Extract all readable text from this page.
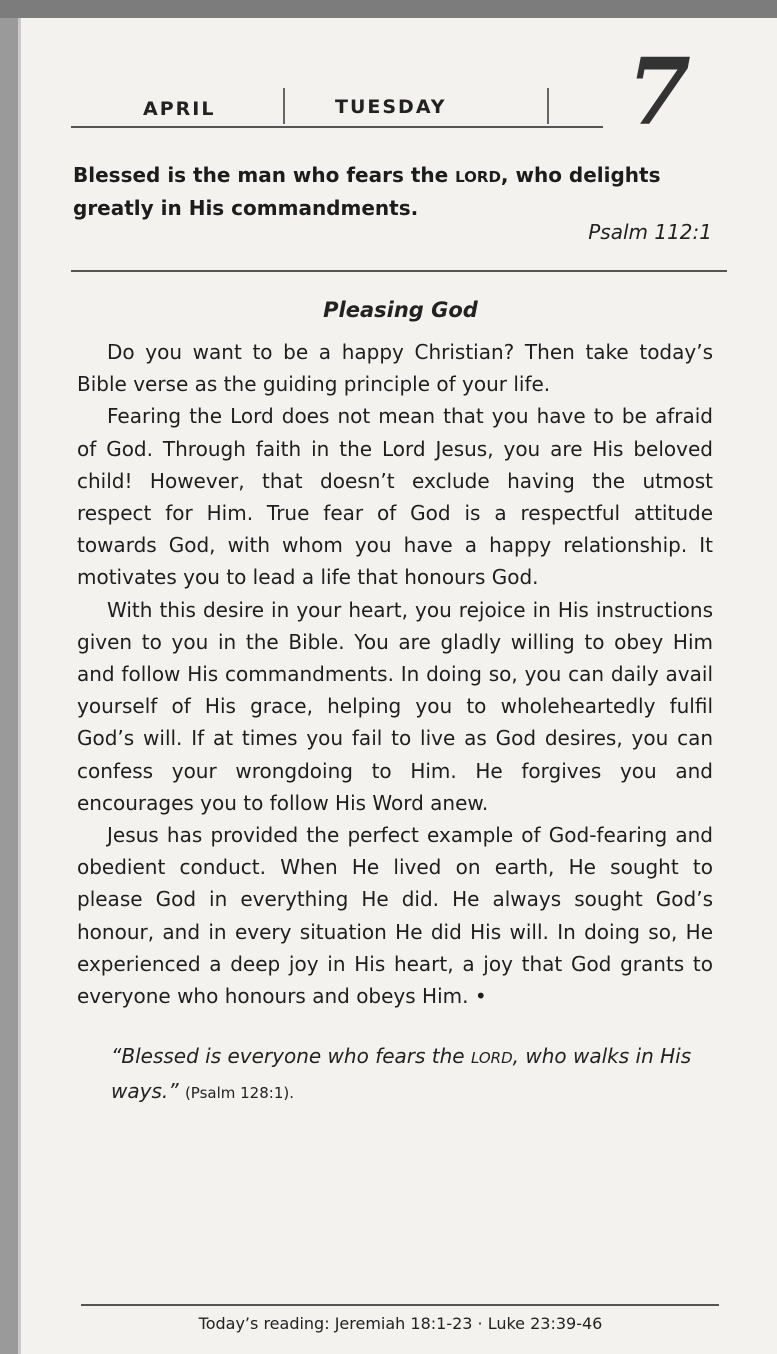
APRIL	TUESDAY 7
Blessed is the man who fears the LORD, who delights greatly in His commandments.
Psalm 112:1
Pleasing God

Do you want to be a happy Christian? Then take today’s Bible verse as the guiding principle of your life.

Fearing the Lord does not mean that you have to be afraid of God. Through faith in the Lord Jesus, you are His beloved child! However, that doesn’t exclude having the utmost respect for Him. True fear of God is a respectful attitude towards God, with whom you have a happy relationship. It motivates you to lead a life that honours God.

With this desire in your heart, you rejoice in His instructions given to you in the Bible. You are gladly willing to obey Him and follow His commandments. In doing so, you can daily avail yourself of His grace, helping you to wholeheartedly fulfil God’s will. If at times you fail to live as God desires, you can confess your wrongdoing to Him. He forgives you and encourages you to follow His Word anew.

Jesus has provided the perfect example of God-fearing and obedient conduct. When He lived on earth, He sought to please God in everything He did. He always sought God’s honour, and in every situation He did His will. In doing so, He experienced a deep joy in His heart, a joy that God grants to everyone who honours and obeys Him. •

“Blessed is everyone who fears the LORD, who walks in His ways.” (Psalm 128:1).
Today’s reading: Jeremiah 18:1-23 · Luke 23:39-46
